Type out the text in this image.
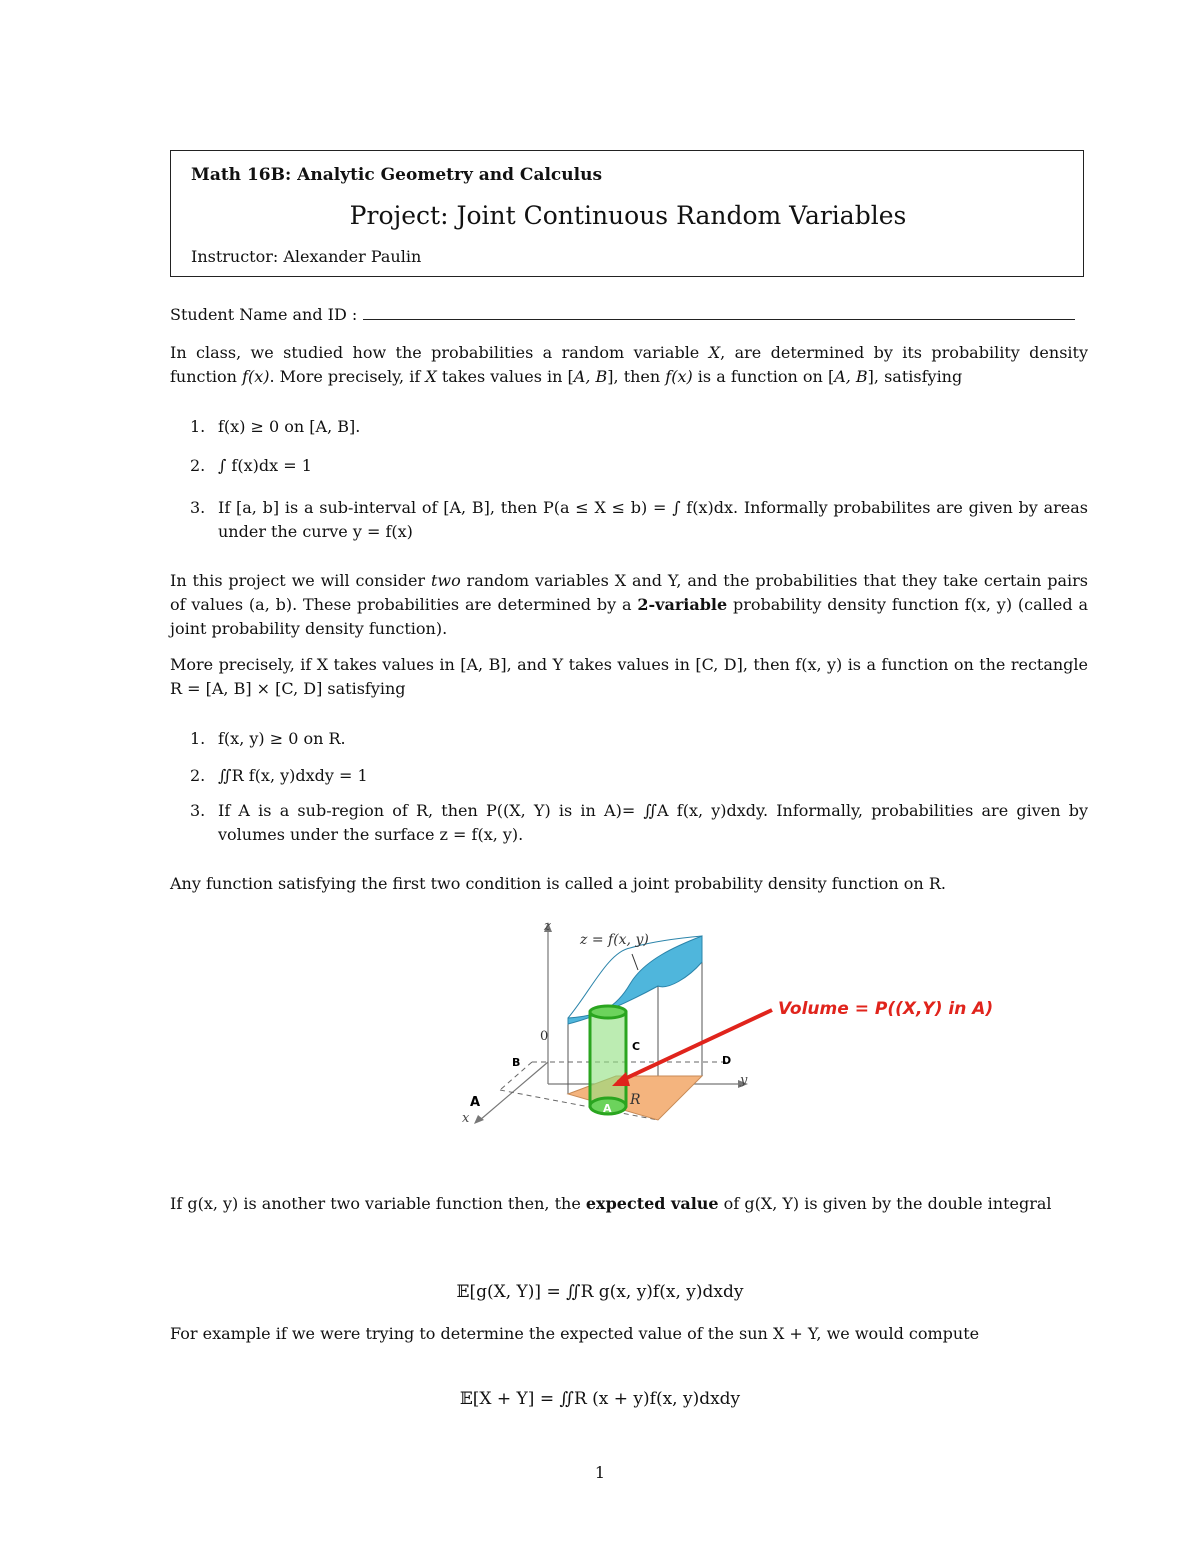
Math 16B: Analytic Geometry and Calculus
Project: Joint Continuous Random Variables
Instructor: Alexander Paulin
Student Name and ID :
In class, we studied how the probabilities a random variable X, are determined by its probability density function f(x). More precisely, if X takes values in [A, B], then f(x) is a function on [A, B], satisfying
1. f(x) ≥ 0 on [A, B].
2. ∫ f(x)dx = 1
3. If [a, b] is a sub-interval of [A, B], then P(a ≤ X ≤ b) = ∫ f(x)dx. Informally probabilites are given by areas under the curve y = f(x)
In this project we will consider two random variables X and Y, and the probabilities that they take certain pairs of values (a, b). These probabilities are determined by a 2-variable probability density function f(x, y) (called a joint probability density function).
More precisely, if X takes values in [A, B], and Y takes values in [C, D], then f(x, y) is a function on the rectangle R = [A, B] × [C, D] satisfying
1. f(x, y) ≥ 0 on R.
2. ∬R f(x, y)dxdy = 1
3. If A is a sub-region of R, then P((X, Y) is in A)= ∬A f(x, y)dxdy. Informally, probabilities are given by volumes under the surface z = f(x, y).
Any function satisfying the first two condition is called a joint probability density function on R.
z
y
x
z = f(x, y)
0
R
A
A
B
C
D
Volume = P((X,Y) in A)
If g(x, y) is another two variable function then, the expected value of g(X, Y) is given by the double integral
𝔼[g(X, Y)] = ∬R g(x, y)f(x, y)dxdy
For example if we were trying to determine the expected value of the sun X + Y, we would compute
𝔼[X + Y] = ∬R (x + y)f(x, y)dxdy
1
